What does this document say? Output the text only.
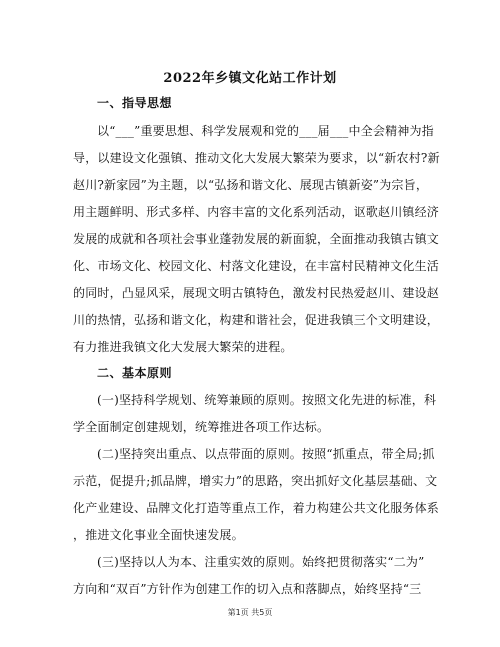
2022年乡镇文化站工作计划
一、指导思想
以“___”重要思想、科学发展观和党的___届___中全会精神为指
导，以建设文化强镇、推动文化大发展大繁荣为要求，以“新农村?新
赵川?新家园”为主题，以“弘扬和谐文化、展现古镇新姿”为宗旨，
用主题鲜明、形式多样、内容丰富的文化系列活动，讴歌赵川镇经济
发展的成就和各项社会事业蓬勃发展的新面貌，全面推动我镇古镇文
化、市场文化、校园文化、村落文化建设，在丰富村民精神文化生活
的同时，凸显风采，展现文明古镇特色，激发村民热爱赵川、建设赵
川的热情，弘扬和谐文化，构建和谐社会，促进我镇三个文明建设，
有力推进我镇文化大发展大繁荣的进程。
二、基本原则
(一)坚持科学规划、统筹兼顾的原则。按照文化先进的标准，科
学全面制定创建规划，统筹推进各项工作达标。
(二)坚持突出重点、以点带面的原则。按照“抓重点，带全局;抓
示范，促提升;抓品牌，增实力”的思路，突出抓好文化基层基础、文
化产业建设、品牌文化打造等重点工作，着力构建公共文化服务体系
，推进文化事业全面快速发展。
(三)坚持以人为本、注重实效的原则。始终把贯彻落实“二为”
方向和“双百”方针作为创建工作的切入点和落脚点，始终坚持“三
第1页 共5页
